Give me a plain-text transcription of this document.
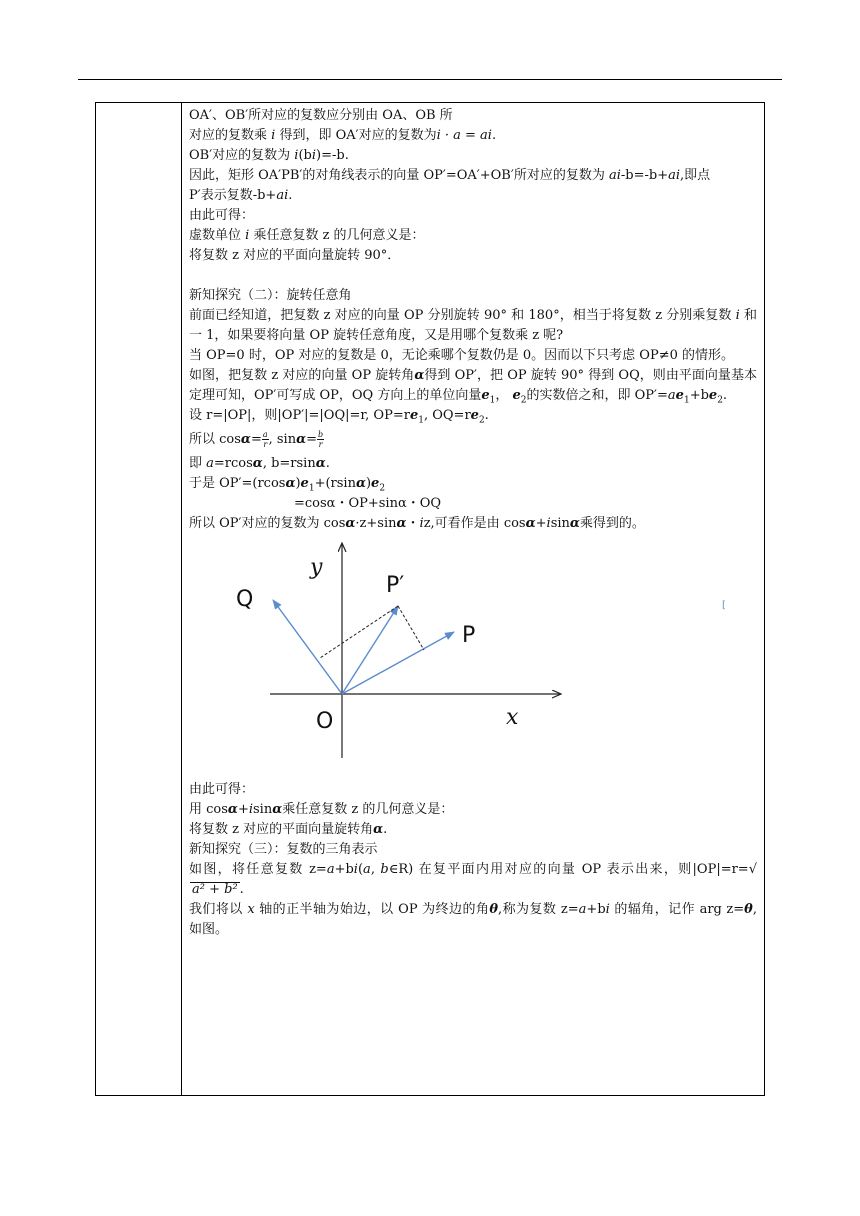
OA′、OB′所对应的复数应分别由 OA、OB 所

对应的复数乘 i 得到，即 OA′对应的复数为i · a = ai.

OB′对应的复数为 i(bi)=-b.

因此，矩形 OA′PB′的对角线表示的向量 OP′=OA′+OB′所对应的复数为 ai-b=-b+ai,即点

P′表示复数-b+ai.

由此可得：

虚数单位 i 乘任意复数 z 的几何意义是：

将复数 z 对应的平面向量旋转 90°．

新知探究（二）：旋转任意角

前面已经知道，把复数 z 对应的向量 OP 分别旋转 90° 和 180°，相当于将复数 z 分别乘复数 i 和一 1，如果要将向量 OP 旋转任意角度，又是用哪个复数乘 z 呢?

当 OP=0 时，OP 对应的复数是 0，无论乘哪个复数仍是 0。因而以下只考虑 OP≠0 的情形。

如图，把复数 z 对应的向量 OP 旋转角α得到 OP′，把 OP 旋转 90° 得到 OQ，则由平面向量基本定理可知，OP′可写成 OP，OQ 方向上的单位向量$e_1$， $e_2$的实数倍之和，即 $OP'=ae_1+be_2$.

设 r=|OP|，则|OP′|=|OQ|=r, $OP=re_1$, $OQ=re_2$.

所以 $\cos\alpha= \frac{a}{r}$ , $\sin\alpha= \frac{b}{r}$

即 a=rcosα, b=rsinα.

于是 $OP'=(rcos\alpha)e_1+(rsin\alpha)e_2$

=cosα・OP+sinα・OQ

所以 OP′对应的复数为 cosα·z+sinα・iz,可看作是由 cosα+isinα乘得到的。

y
x
O
P
P′
Q	[

由此可得：

用 cosα+isinα乘任意复数 z 的几何意义是：

将复数 z 对应的平面向量旋转角α.

新知探究（三）：复数的三角表示

如图，将任意复数 z=a+bi(a, b∈R) 在复平面内用对应的向量 OP 表示出来，则|OP|=r=√a² + b² .

我们将以 x 轴的正半轴为始边，以 OP 为终边的角θ,称为复数 z=a+bi 的辐角，记作 arg z=θ, 如图。
